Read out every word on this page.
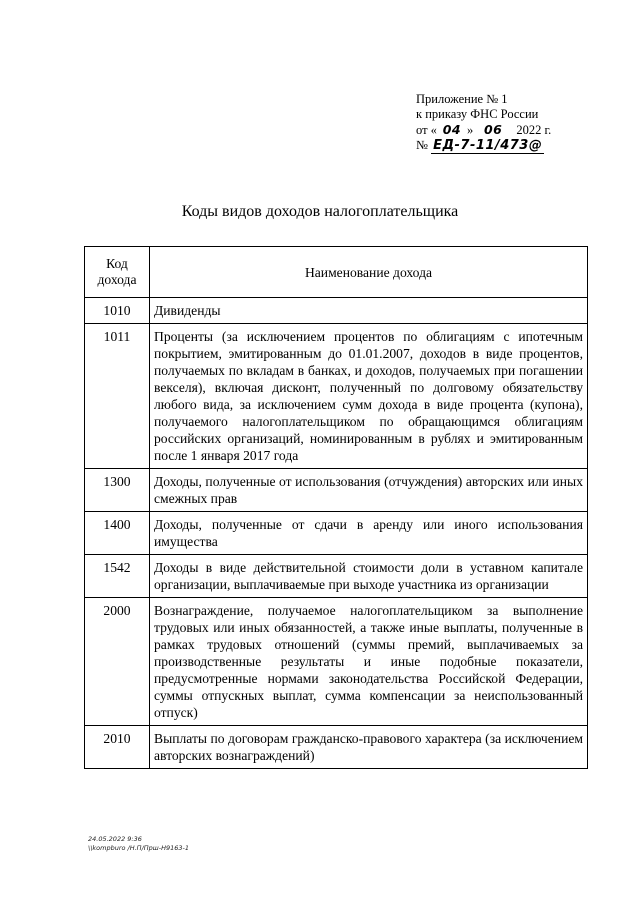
Приложение № 1
к приказу ФНС России
от « 04 » 06 2022 г.
№ ЕД-7-11/473@
Коды видов доходов налогоплательщика
Код дохода	Наименование дохода
1010	Дивиденды
1011	Проценты (за исключением процентов по облигациям с ипотечным покрытием, эмитированным до 01.01.2007, доходов в виде процентов, получаемых по вкладам в банках, и доходов, получаемых при погашении векселя), включая дисконт, полученный по долговому обязательству любого вида, за исключением сумм дохода в виде процента (купона), получаемого налогоплательщиком по обращающимся облигациям российских организаций, номинированным в рублях и эмитированным после 1 января 2017 года
1300	Доходы, полученные от использования (отчуждения) авторских или иных смежных прав
1400	Доходы, полученные от сдачи в аренду или иного использования имущества
1542	Доходы в виде действительной стоимости доли в уставном капитале организации, выплачиваемые при выходе участника из организации
2000	Вознаграждение, получаемое налогоплательщиком за выполнение трудовых или иных обязанностей, а также иные выплаты, полученные в рамках трудовых отношений (суммы премий, выплачиваемых за производственные результаты и иные подобные показатели, предусмотренные нормами законодательства Российской Федерации, суммы отпускных выплат, сумма компенсации за неиспользованный отпуск)
2010	Выплаты по договорам гражданско-правового характера (за исключением авторских вознаграждений)
24.05.2022 9:36
\\kompburo /Н.П/Прш-Н9163-1
